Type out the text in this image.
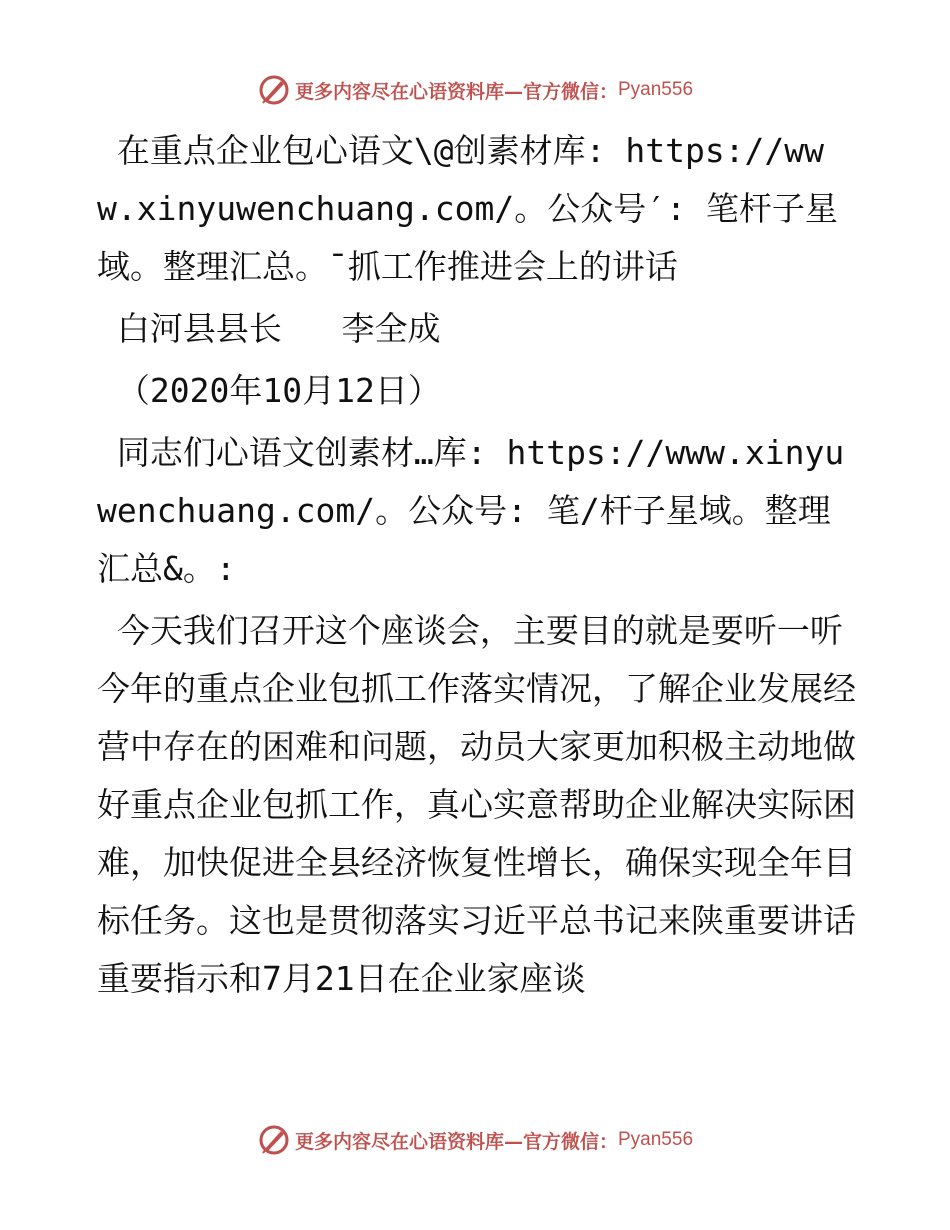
更多内容尽在心语资料库—官方微信： Pyan556

在重点企业包心语文\@创素材库: https://www.xinyuwenchuang.com/。公众号′: 笔杆子星域。整理汇总。¯抓工作推进会上的讲话

白河县县长   李全成

（2020年10月12日）

同志们心语文创素材…库: https://www.xinyuwenchuang.com/。公众号: 笔/杆子星域。整理汇总&。:

今天我们召开这个座谈会，主要目的就是要听一听今年的重点企业包抓工作落实情况，了解企业发展经营中存在的困难和问题，动员大家更加积极主动地做好重点企业包抓工作，真心实意帮助企业解决实际困难，加快促进全县经济恢复性增长，确保实现全年目标任务。这也是贯彻落实习近平总书记来陕重要讲话重要指示和7月21日在企业家座谈

更多内容尽在心语资料库—官方微信： Pyan556
